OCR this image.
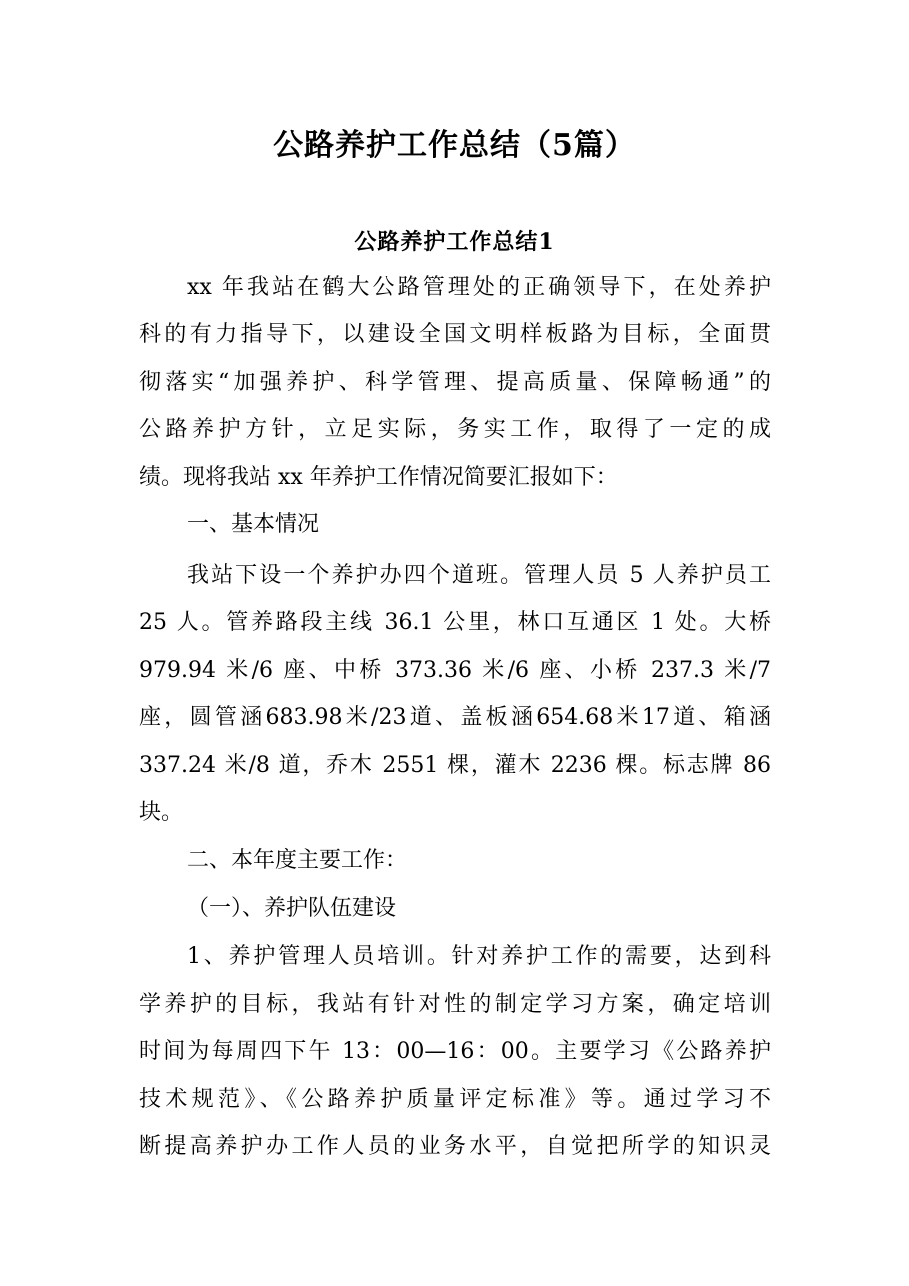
公路养护工作总结（5篇）
公路养护工作总结1
xx 年我站在鹤大公路管理处的正确领导下，在处养护
科的有力指导下，以建设全国文明样板路为目标，全面贯
彻落实“加强养护、科学管理、提高质量、保障畅通”的
公路养护方针，立足实际，务实工作，取得了一定的成
绩。现将我站 xx 年养护工作情况简要汇报如下：
一、基本情况
我站下设一个养护办四个道班。管理人员 5 人养护员工
25 人。管养路段主线 36.1 公里，林口互通区 1 处。大桥
979.94 米/6 座、中桥 373.36 米/6 座、小桥 237.3 米/7
座，圆管涵683.98米/23道、盖板涵654.68米17道、箱涵
337.24 米/8 道，乔木 2551 棵，灌木 2236 棵。标志牌 86
块。
二、本年度主要工作：
（一）、养护队伍建设
1、养护管理人员培训。针对养护工作的需要，达到科
学养护的目标，我站有针对性的制定学习方案，确定培训
时间为每周四下午 13：00—16：00。主要学习《公路养护
技术规范》、《公路养护质量评定标准》等。通过学习不
断提高养护办工作人员的业务水平，自觉把所学的知识灵
